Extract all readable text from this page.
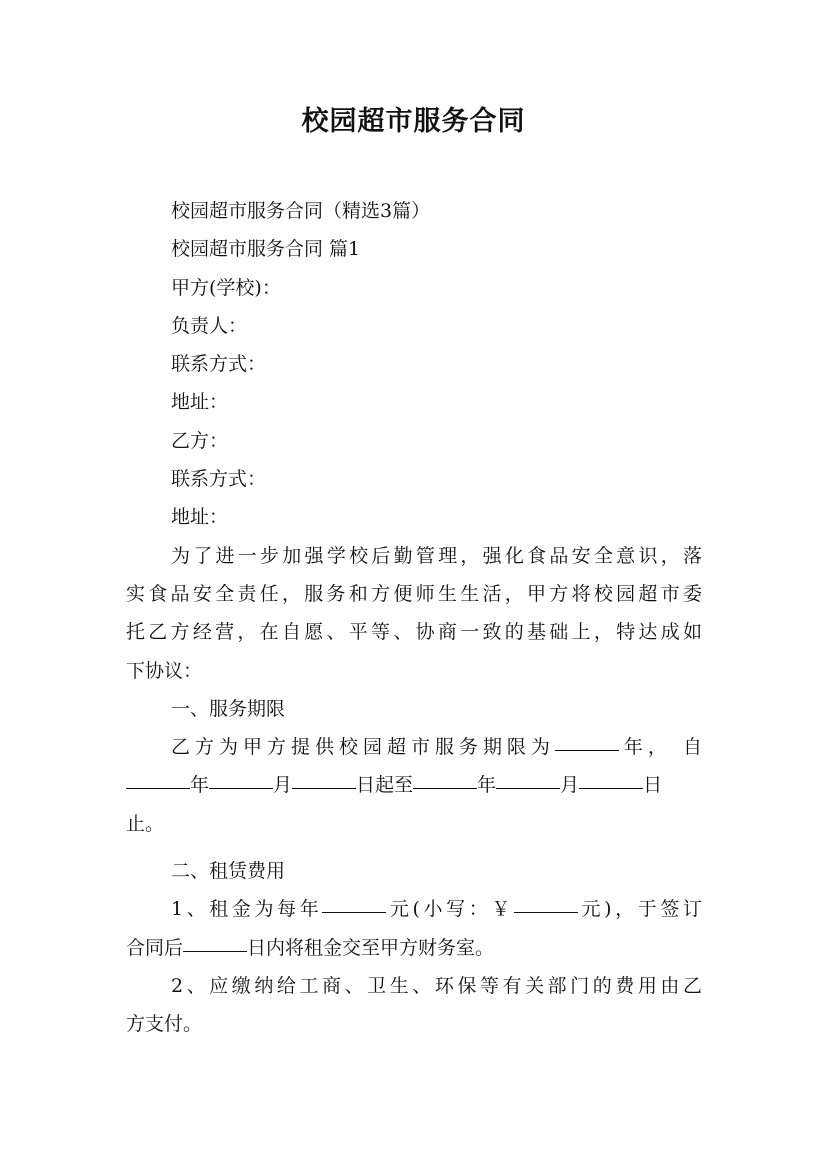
校园超市服务合同
校园超市服务合同（精选3篇）
校园超市服务合同 篇1
甲方(学校)：
负责人：
联系方式：
地址：
乙方：
联系方式：
地址：
为了进一步加强学校后勤管理，强化食品安全意识，落
实食品安全责任，服务和方便师生生活，甲方将校园超市委
托乙方经营，在自愿、平等、协商一致的基础上，特达成如
下协议：
一、服务期限
乙方为甲方提供校园超市服务期限为	年， 自
年	月	日起至	年	月	日
止。
二、租赁费用
1、租金为每年	元(小写：￥	元)，于签订
合同后	日内将租金交至甲方财务室。
2、应缴纳给工商、卫生、环保等有关部门的费用由乙
方支付。
